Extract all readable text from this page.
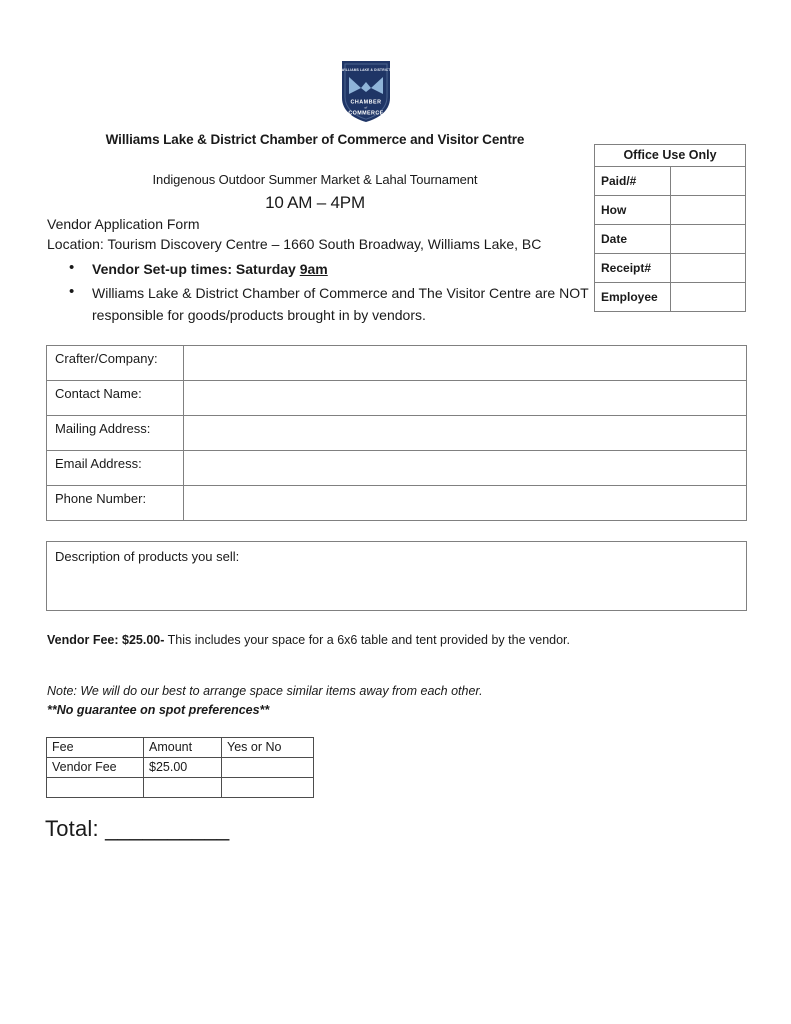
WILLIAMS LAKE & DISTRICT
CHAMBER
of
COMMERCE
Williams Lake & District Chamber of Commerce and Visitor Centre
Indigenous Outdoor Summer Market & Lahal Tournament
10 AM – 4PM
Vendor Application Form
Location: Tourism Discovery Centre – 1660 South Broadway, Williams Lake, BC
• Vendor Set-up times: Saturday 9am
• Williams Lake & District Chamber of Commerce and The Visitor Centre are NOT responsible for goods/products brought in by vendors.
Office Use Only	
Paid/#	
How	
Date	
Receipt#	
Employee	
Crafter/Company:	
Contact Name:	
Mailing Address:	
Email Address:	
Phone Number:	
Description of products you sell:
Vendor Fee: $25.00- This includes your space for a 6x6 table and tent provided by the vendor.
Note: We will do our best to arrange space similar items away from each other.
**No guarantee on spot preferences**
Fee	Amount	Yes or No
Vendor Fee	$25.00	

Total: __________
